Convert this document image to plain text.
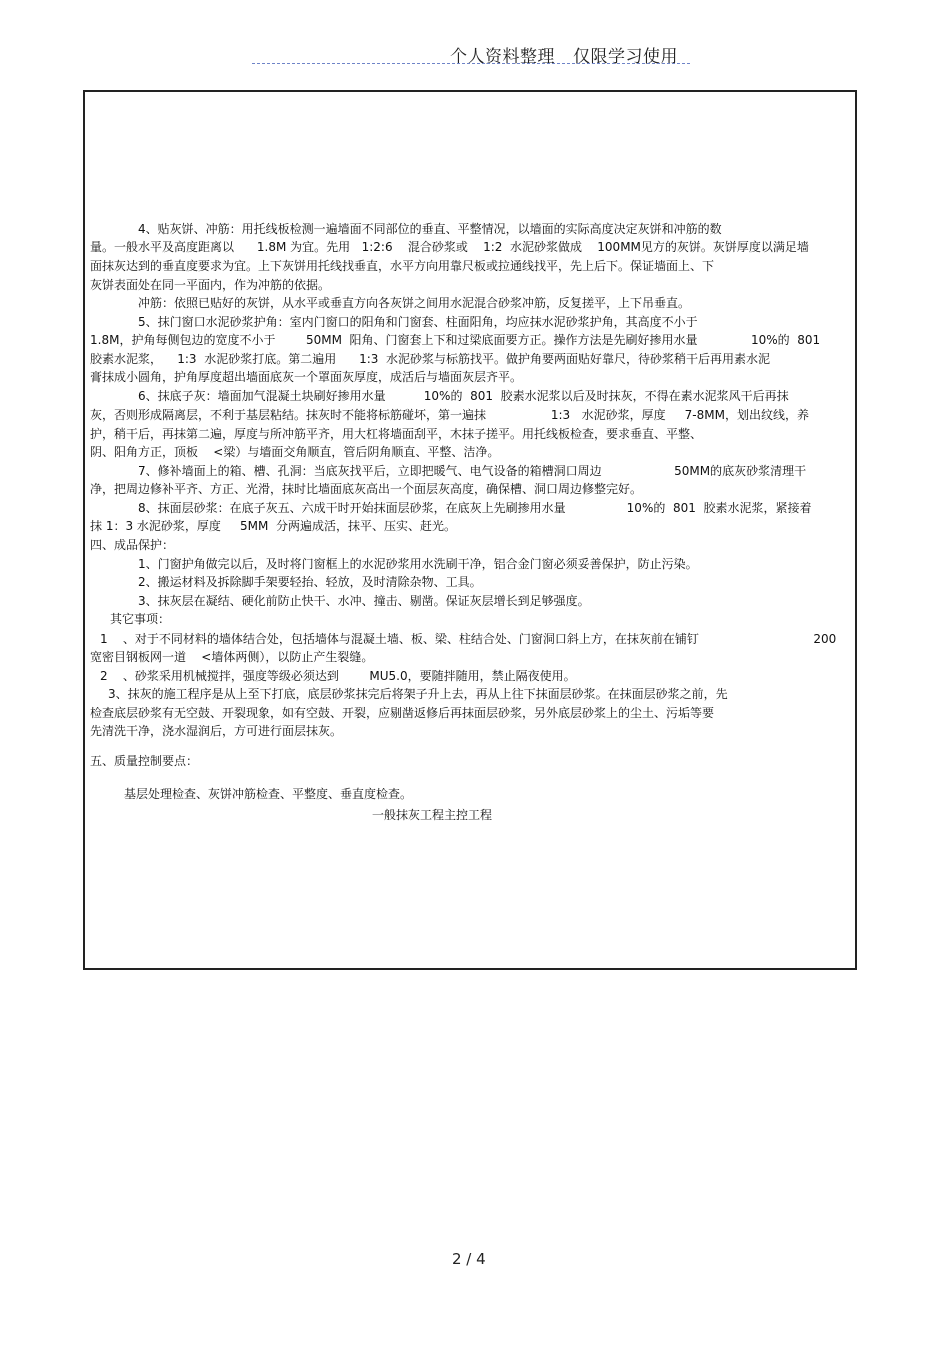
个人资料整理 仅限学习使用
4、贴灰饼、冲筋：用托线板检测一遍墙面不同部位的垂直、平整情况，以墙面的实际高度决定灰饼和冲筋的数
量。一般水平及高度距离以      1.8M 为宜。先用   1:2:6    混合砂浆或    1:2  水泥砂浆做成    100MM见方的灰饼。灰饼厚度以满足墙
面抹灰达到的垂直度要求为宜。上下灰饼用托线找垂直，水平方向用靠尺板或拉通线找平，先上后下。保证墙面上、下
灰饼表面处在同一平面内，作为冲筋的依据。
冲筋：依照已贴好的灰饼，从水平或垂直方向各灰饼之间用水泥混合砂浆冲筋，反复搓平，上下吊垂直。
5、抹门窗口水泥砂浆护角：室内门窗口的阳角和门窗套、柱面阳角，均应抹水泥砂浆护角，其高度不小于
1.8M，护角每侧包边的宽度不小于        50MM  阳角、门窗套上下和过梁底面要方正。操作方法是先刷好掺用水量              10%的  801
胶素水泥浆，    1:3  水泥砂浆打底。第二遍用      1:3  水泥砂浆与标筋找平。做护角要两面贴好靠尺，待砂浆稍干后再用素水泥
膏抹成小圆角，护角厚度超出墙面底灰一个罩面灰厚度，成活后与墙面灰层齐平。
6、抹底子灰：墙面加气混凝土块刷好掺用水量          10%的  801  胶素水泥浆以后及时抹灰，不得在素水泥浆风干后再抹
灰，否则形成隔离层，不利于基层粘结。抹灰时不能将标筋碰坏，第一遍抹                 1:3   水泥砂浆，厚度     7-8MM，划出纹线，养
护，稍干后，再抹第二遍，厚度与所冲筋平齐，用大杠将墙面刮平，木抹子搓平。用托线板检查，要求垂直、平整、
阴、阳角方正，顶板    <梁）与墙面交角顺直，管后阴角顺直、平整、洁净。
7、修补墙面上的箱、槽、孔洞：当底灰找平后，立即把暖气、电气设备的箱槽洞口周边                   50MM的底灰砂浆清理干
净，把周边修补平齐、方正、光滑，抹时比墙面底灰高出一个面层灰高度，确保槽、洞口周边修整完好。
8、抹面层砂浆：在底子灰五、六成干时开始抹面层砂浆，在底灰上先刷掺用水量                10%的  801  胶素水泥浆，紧接着
抹 1：3 水泥砂浆，厚度     5MM  分两遍成活，抹平、压实、赶光。
四、成品保护：
1、门窗护角做完以后，及时将门窗框上的水泥砂浆用水洗刷干净，铝合金门窗必须妥善保护，防止污染。
2、搬运材料及拆除脚手架要轻抬、轻放，及时清除杂物、工具。
3、抹灰层在凝结、硬化前防止快干、水冲、撞击、剔凿。保证灰层增长到足够强度。
其它事项：
1    、对于不同材料的墙体结合处，包括墙体与混凝土墙、板、梁、柱结合处、门窗洞口斜上方，在抹灰前在铺钉                              200
宽密目钢板网一道    <墙体两侧），以防止产生裂缝。
2    、砂浆采用机械搅拌，强度等级必须达到        MU5.0，要随拌随用，禁止隔夜使用。
3、抹灰的施工程序是从上至下打底，底层砂浆抹完后将架子升上去，再从上往下抹面层砂浆。在抹面层砂浆之前，先
检查底层砂浆有无空鼓、开裂现象，如有空鼓、开裂，应剔凿返修后再抹面层砂浆，另外底层砂浆上的尘土、污垢等要
先清洗干净，浇水湿润后，方可进行面层抹灰。
五、质量控制要点：
基层处理检查、灰饼冲筋检查、平整度、垂直度检查。
一般抹灰工程主控工程
2 / 4
